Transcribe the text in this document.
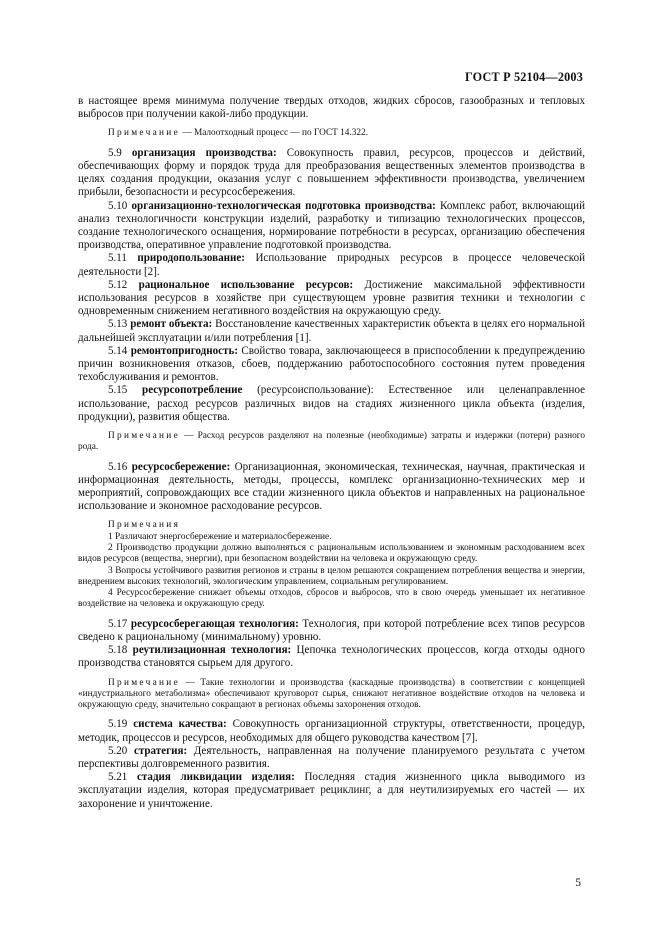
ГОСТ Р 52104—2003

в настоящее время минимума получение твердых отходов, жидких сбросов, газообразных и тепловых выбросов при получении какой-либо продукции.

Примечание — Малоотходный процесс — по ГОСТ 14.322.

5.9 организация производства: Совокупность правил, ресурсов, процессов и действий, обеспечивающих форму и порядок труда для преобразования вещественных элементов производства в целях создания продукции, оказания услуг с повышением эффективности производства, увеличением прибыли, безопасности и ресурсосбережения.

5.10 организационно-технологическая подготовка производства: Комплекс работ, включающий анализ технологичности конструкции изделий, разработку и типизацию технологических процессов, создание технологического оснащения, нормирование потребности в ресурсах, организацию обеспечения производства, оперативное управление подготовкой производства.

5.11 природопользование: Использование природных ресурсов в процессе человеческой деятельности [2].

5.12 рациональное использование ресурсов: Достижение максимальной эффективности использования ресурсов в хозяйстве при существующем уровне развития техники и технологии с одновременным снижением негативного воздействия на окружающую среду.

5.13 ремонт объекта: Восстановление качественных характеристик объекта в целях его нормальной дальнейшей эксплуатации и/или потребления [1].

5.14 ремонтопригодность: Свойство товара, заключающееся в приспособлении к предупреждению причин возникновения отказов, сбоев, поддержанию работоспособного состояния путем проведения техобслуживания и ремонтов.

5.15 ресурсопотребление (ресурсоиспользование): Естественное или целенаправленное использование, расход ресурсов различных видов на стадиях жизненного цикла объекта (изделия, продукции), развития общества.

Примечание — Расход ресурсов разделяют на полезные (необходимые) затраты и издержки (потери) разного рода.

5.16 ресурсосбережение: Организационная, экономическая, техническая, научная, практическая и информационная деятельность, методы, процессы, комплекс организационно-технических мер и мероприятий, сопровождающих все стадии жизненного цикла объектов и направленных на рациональное использование и экономное расходование ресурсов.

Примечания

1 Различают энергосбережение и материалосбережение.

2 Производство продукции должно выполняться с рациональным использованием и экономным расходованием всех видов ресурсов (вещества, энергии), при безопасном воздействии на человека и окружающую среду.

3 Вопросы устойчивого развития регионов и страны в целом решаются сокращением потребления вещества и энергии, внедрением высоких технологий, экологическим управлением, социальным регулированием.

4 Ресурсосбережение снижает объемы отходов, сбросов и выбросов, что в свою очередь уменьшает их негативное воздействие на человека и окружающую среду.

5.17 ресурсосберегающая технология: Технология, при которой потребление всех типов ресурсов сведено к рациональному (минимальному) уровню.

5.18 реутилизационная технология: Цепочка технологических процессов, когда отходы одного производства становятся сырьем для другого.

Примечание — Такие технологии и производства (каскадные производства) в соответствии с концепцией «индустриального метаболизма» обеспечивают круговорот сырья, снижают негативное воздействие отходов на человека и окружающую среду, значительно сокращают в регионах объемы захоронения отходов.

5.19 система качества: Совокупность организационной структуры, ответственности, процедур, методик, процессов и ресурсов, необходимых для общего руководства качеством [7].

5.20 стратегия: Деятельность, направленная на получение планируемого результата с учетом перспективы долговременного развития.

5.21 стадия ликвидации изделия: Последняя стадия жизненного цикла выводимого из эксплуатации изделия, которая предусматривает рециклинг, а для неутилизируемых его частей — их захоронение и уничтожение.

5
